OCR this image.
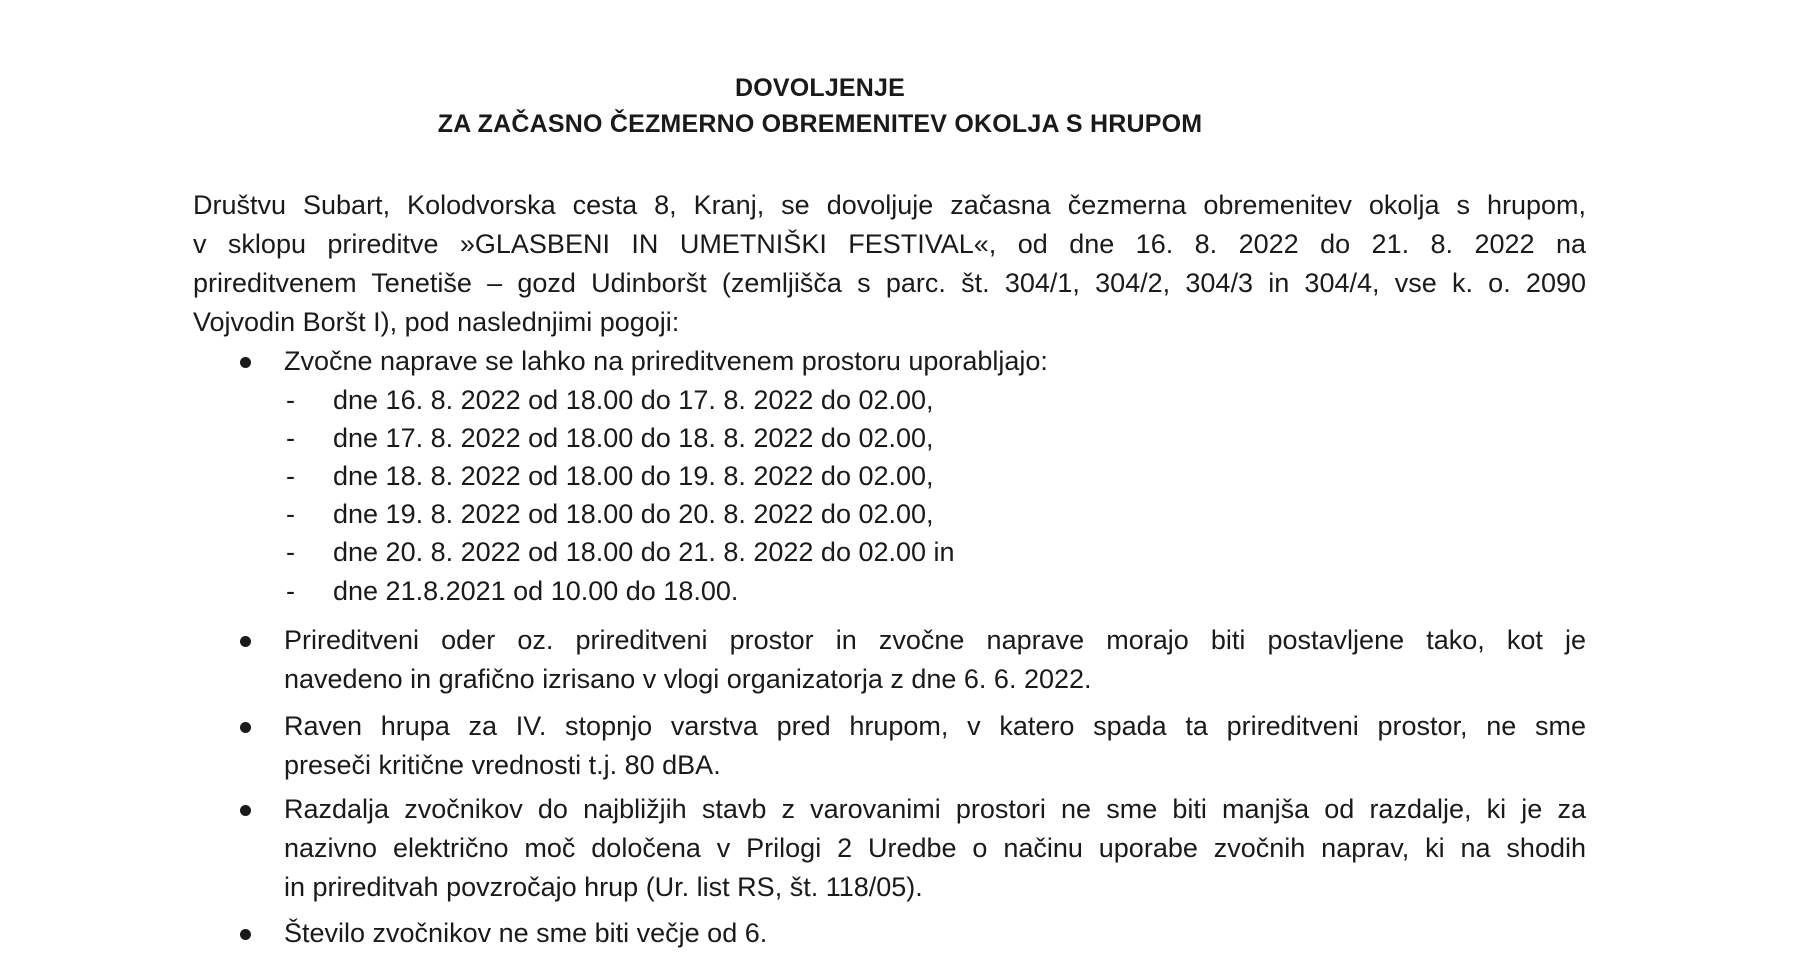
DOVOLJENJE
ZA ZAČASNO ČEZMERNO OBREMENITEV OKOLJA S HRUPOM
Društvu Subart, Kolodvorska cesta 8, Kranj, se dovoljuje začasna čezmerna obremenitev okolja s hrupom,
v sklopu prireditve »GLASBENI IN UMETNIŠKI FESTIVAL«, od dne 16. 8. 2022 do 21. 8. 2022 na
prireditvenem Tenetiše – gozd Udinboršt (zemljišča s parc. št. 304/1, 304/2, 304/3 in 304/4, vse k. o. 2090
Vojvodin Boršt I), pod naslednjimi pogoji:
Zvočne naprave se lahko na prireditvenem prostoru uporabljajo:
- dne 16. 8. 2022 od 18.00 do 17. 8. 2022 do 02.00,
- dne 17. 8. 2022 od 18.00 do 18. 8. 2022 do 02.00,
- dne 18. 8. 2022 od 18.00 do 19. 8. 2022 do 02.00,
- dne 19. 8. 2022 od 18.00 do 20. 8. 2022 do 02.00,
- dne 20. 8. 2022 od 18.00 do 21. 8. 2022 do 02.00 in
- dne 21.8.2021 od 10.00 do 18.00.
Prireditveni oder oz. prireditveni prostor in zvočne naprave morajo biti postavljene tako, kot je
navedeno in grafično izrisano v vlogi organizatorja z dne 6. 6. 2022.
Raven hrupa za IV. stopnjo varstva pred hrupom, v katero spada ta prireditveni prostor, ne sme
preseči kritične vrednosti t.j. 80 dBA.
Razdalja zvočnikov do najbližjih stavb z varovanimi prostori ne sme biti manjša od razdalje, ki je za
nazivno električno moč določena v Prilogi 2 Uredbe o načinu uporabe zvočnih naprav, ki na shodih
in prireditvah povzročajo hrup (Ur. list RS, št. 118/05).
Število zvočnikov ne sme biti večje od 6.
